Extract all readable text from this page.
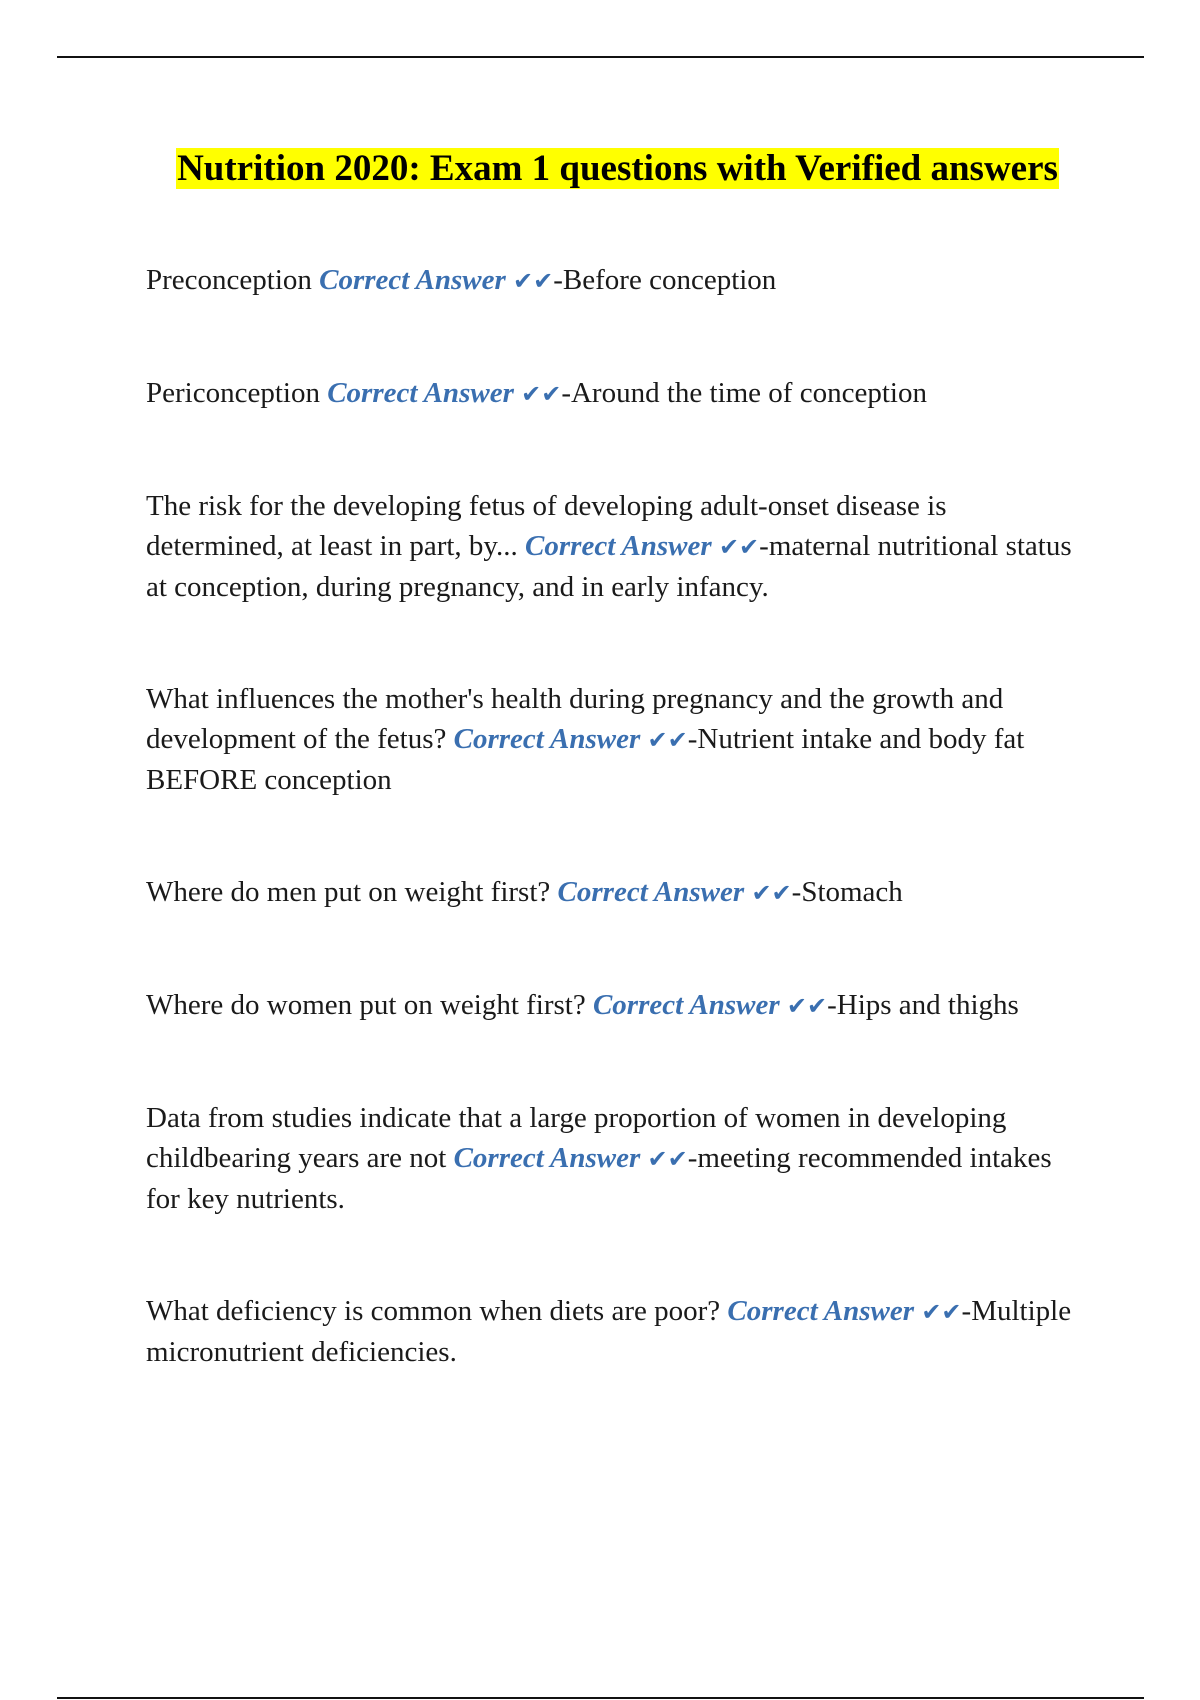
Nutrition 2020: Exam 1 questions with Verified answers

Preconception Correct Answer ✔✔-Before conception

Periconception Correct Answer ✔✔-Around the time of conception

The risk for the developing fetus of developing adult-onset disease is determined, at least in part, by... Correct Answer ✔✔-maternal nutritional status at conception, during pregnancy, and in early infancy.

What influences the mother's health during pregnancy and the growth and development of the fetus? Correct Answer ✔✔-Nutrient intake and body fat BEFORE conception

Where do men put on weight first? Correct Answer ✔✔-Stomach

Where do women put on weight first? Correct Answer ✔✔-Hips and thighs

Data from studies indicate that a large proportion of women in developing childbearing years are not Correct Answer ✔✔-meeting recommended intakes for key nutrients.

What deficiency is common when diets are poor? Correct Answer ✔✔-Multiple micronutrient deficiencies.
